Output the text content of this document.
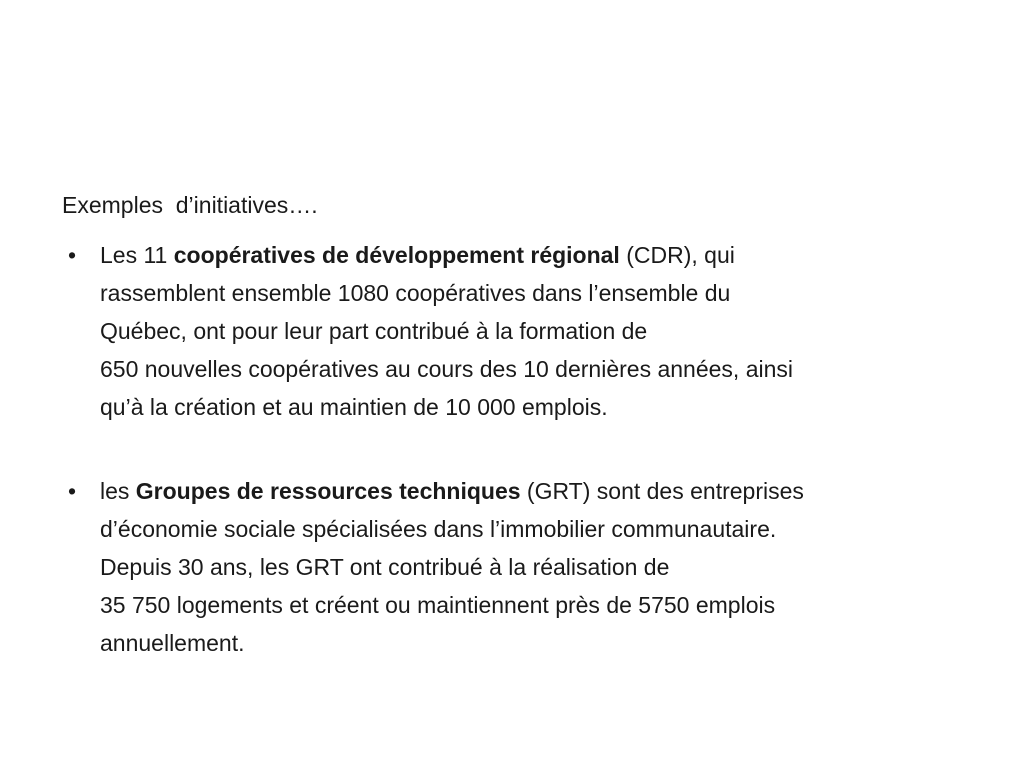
Exemples  d’initiatives….
• Les 11 coopératives de développement régional (CDR), qui
rassemblent ensemble 1080 coopératives dans l’ensemble du
Québec, ont pour leur part contribué à la formation de
650 nouvelles coopératives au cours des 10 dernières années, ainsi
qu’à la création et au maintien de 10 000 emplois.
• les Groupes de ressources techniques (GRT) sont des entreprises
d’économie sociale spécialisées dans l’immobilier communautaire.
Depuis 30 ans, les GRT ont contribué à la réalisation de
35 750 logements et créent ou maintiennent près de 5750 emplois
annuellement.
